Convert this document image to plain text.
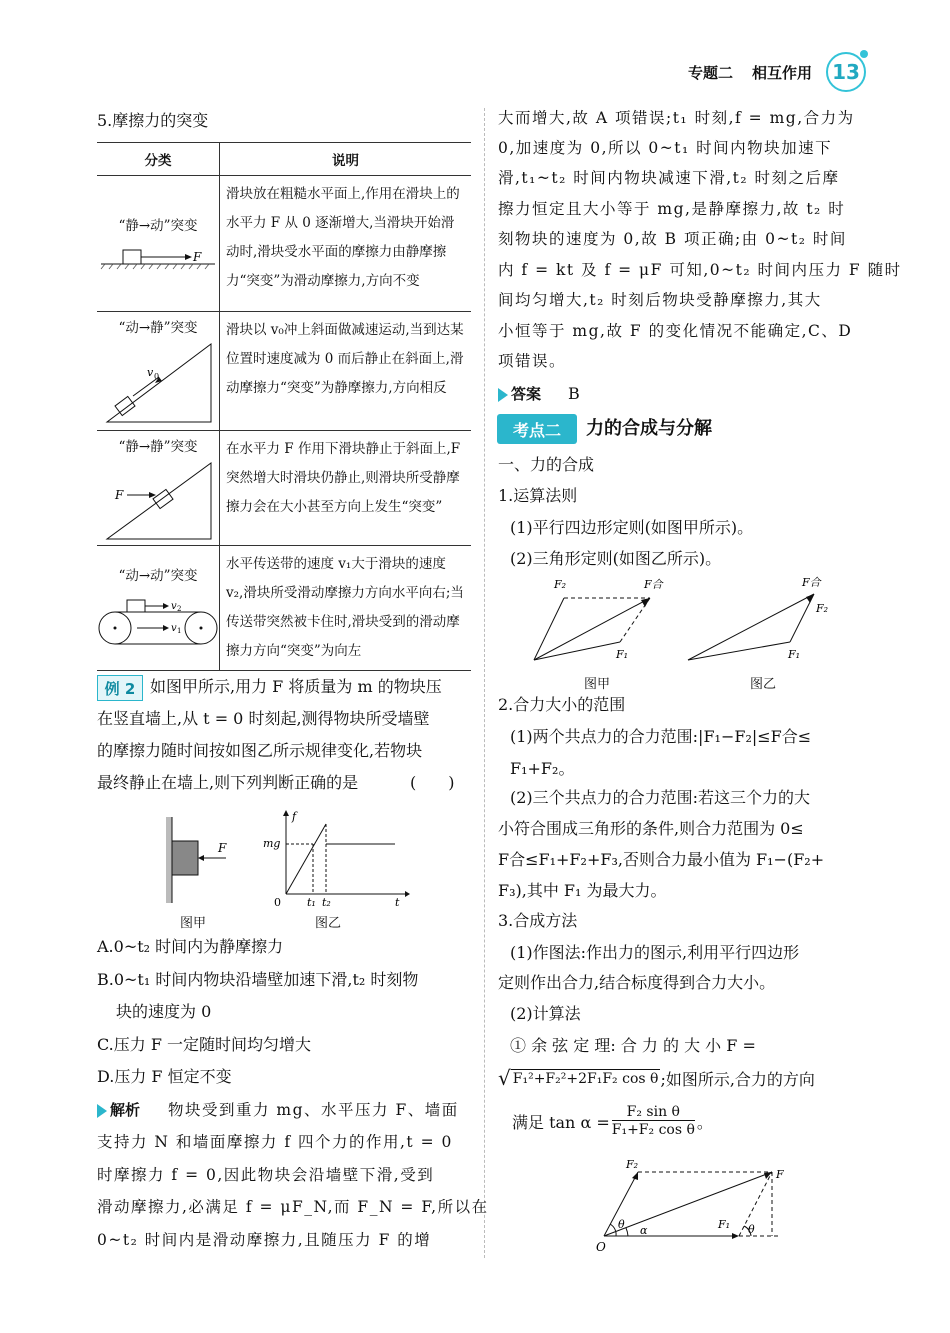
专题二 相互作用	13
5.摩擦力的突变
分类	说明

“静→动”突变
F	滑块放在粗糙水平面上,作用在滑块上的水平力 F 从 0 逐渐增大,当滑块开始滑动时,滑块受水平面的摩擦力由静摩擦力“突变”为滑动摩擦力,方向不变

“动→静”突变
v 0	滑块以 v₀冲上斜面做减速运动,当到达某位置时速度减为 0 而后静止在斜面上,滑动摩擦力“突变”为静摩擦力,方向相反

“静→静”突变
F	在水平力 F 作用下滑块静止于斜面上,F 突然增大时滑块仍静止,则滑块所受静摩擦力会在大小甚至方向上发生“突变”

“动→动”突变
v 2
v 1	水平传送带的速度 v₁大于滑块的速度 v₂,滑块所受滑动摩擦力方向水平向右;当传送带突然被卡住时,滑块受到的滑动摩擦力方向“突变”为向左
例 2 如图甲所示,用力 F 将质量为 m 的物块压
在竖直墙上,从 t = 0 时刻起,测得物块所受墙壁
的摩擦力随时间按如图乙所示规律变化,若物块
最终静止在墙上,则下列判断正确的是	(　　)
F
图甲
f
mg
0 t₁ t₂	t
图乙
A.0~t₂ 时间内为静摩擦力
B.0~t₁ 时间内物块沿墙壁加速下滑,t₂ 时刻物
块的速度为 0
C.压力 F 一定随时间均匀增大
D.压力 F 恒定不变
解析 物块受到重力 mg、水平压力 F、墙面
支持力 N 和墙面摩擦力 f 四个力的作用,t = 0
时摩擦力 f = 0,因此物块会沿墙壁下滑,受到
滑动摩擦力,必满足 f = μF_N,而 F_N = F,所以在
0~t₂ 时间内是滑动摩擦力,且随压力 F 的增
大而增大,故 A 项错误;t₁ 时刻,f = mg,合力为
0,加速度为 0,所以 0~t₁ 时间内物块加速下
滑,t₁~t₂ 时间内物块减速下滑,t₂ 时刻之后摩
擦力恒定且大小等于 mg,是静摩擦力,故 t₂ 时
刻物块的速度为 0,故 B 项正确;由 0~t₂ 时间
内 f = kt 及 f = μF 可知,0~t₂ 时间内压力 F 随时
间均匀增大,t₂ 时刻后物块受静摩擦力,其大
小恒等于 mg,故 F 的变化情况不能确定,C、D
项错误。
答案 B
考点二	力的合成与分解
一、力的合成
1.运算法则
(1)平行四边形定则(如图甲所示)。
(2)三角形定则(如图乙所示)。
F₂	F合
F₁
图甲
F合
F₂
F₁
图乙
2.合力大小的范围
(1)两个共点力的合力范围:|F₁−F₂|≤F合≤
F₁+F₂。
(2)三个共点力的合力范围:若这三个力的大
小符合围成三角形的条件,则合力范围为 0≤
F合≤F₁+F₂+F₃,否则合力最小值为 F₁−(F₂+
F₃),其中 F₁ 为最大力。
3.合成方法
(1)作图法:作出力的图示,利用平行四边形
定则作出合力,结合标度得到合力大小。
(2)计算法
① 余 弦 定 理: 合 力 的 大 小 F =
√ F₁²+F₂²+2F₁F₂ cos θ ;如图所示,合力的方向
满足 $\tan \alpha = \frac{\text{F₂ sin θ}}{\text{F₁+F₂ cos θ}}$ 。
O
F₂
F
F₁
θ α	θ
